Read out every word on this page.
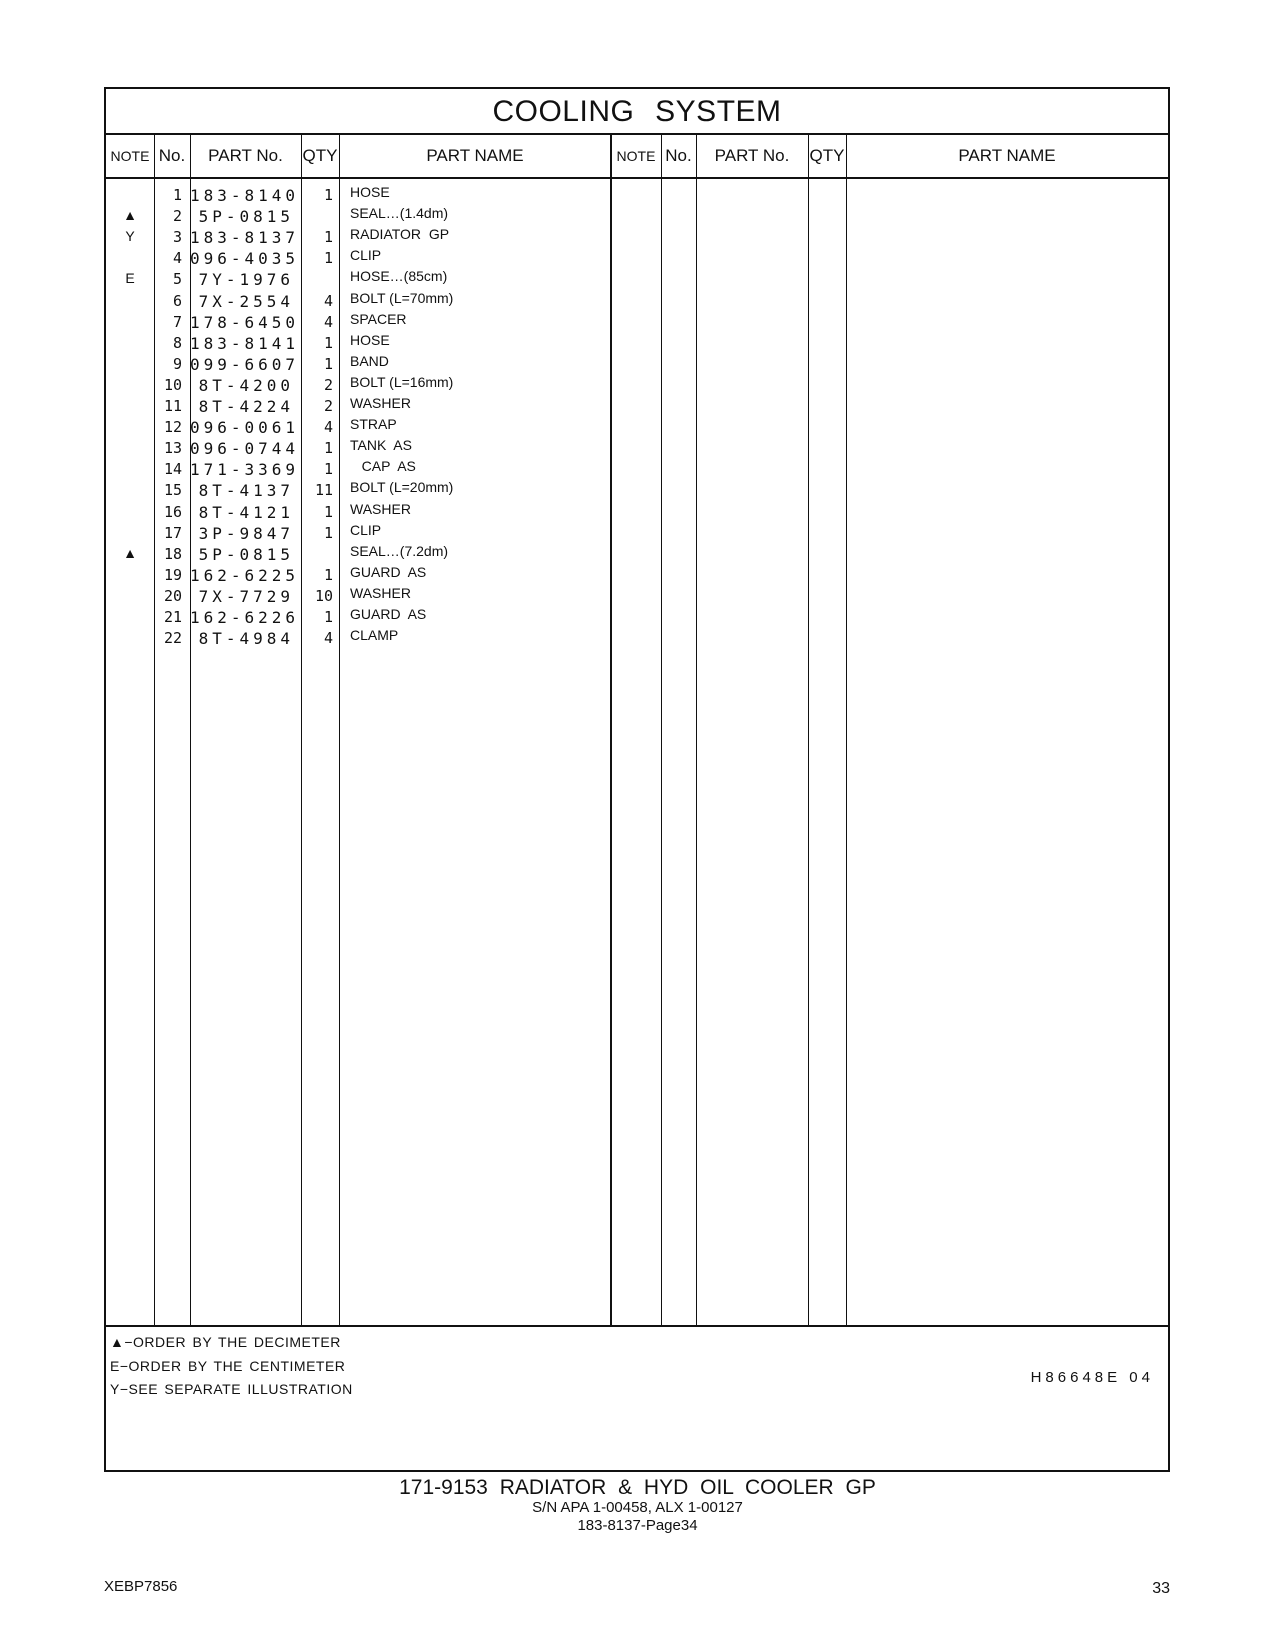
COOLING SYSTEM
NOTE No.	PART No.	QTY	PART NAME	NOTE No.	PART No.	QTY	PART NAME
1 183-8140	1 HOSE
▲	2	5P-0815	SEAL…(1.4dm)
Y	3 183-8137	1 RADIATOR  GP
4 096-4035	1 CLIP
E	5	7Y-1976	HOSE…(85cm)
6	7X-2554	4 BOLT (L=70mm)
7 178-6450	4 SPACER
8 183-8141	1 HOSE
9 099-6607	1 BAND
10	8T-4200	2 BOLT (L=16mm)
11	8T-4224	2 WASHER
12 096-0061	4 STRAP
13 096-0744	1 TANK  AS
14 171-3369	1 CAP  AS
15	8T-4137	11 BOLT (L=20mm)
16	8T-4121	1 WASHER
17	3P-9847	1 CLIP
▲	18	5P-0815	SEAL…(7.2dm)
19 162-6225	1 GUARD  AS
20	7X-7729	10 WASHER
21 162-6226	1 GUARD  AS
22	8T-4984	4 CLAMP
▲−ORDER BY THE DECIMETER
E−ORDER BY THE CENTIMETER
Y−SEE SEPARATE ILLUSTRATION
H86648E 04
171-9153 RADIATOR & HYD OIL COOLER GP
S/N APA 1-00458, ALX 1-00127
183-8137-Page34
XEBP7856	33
